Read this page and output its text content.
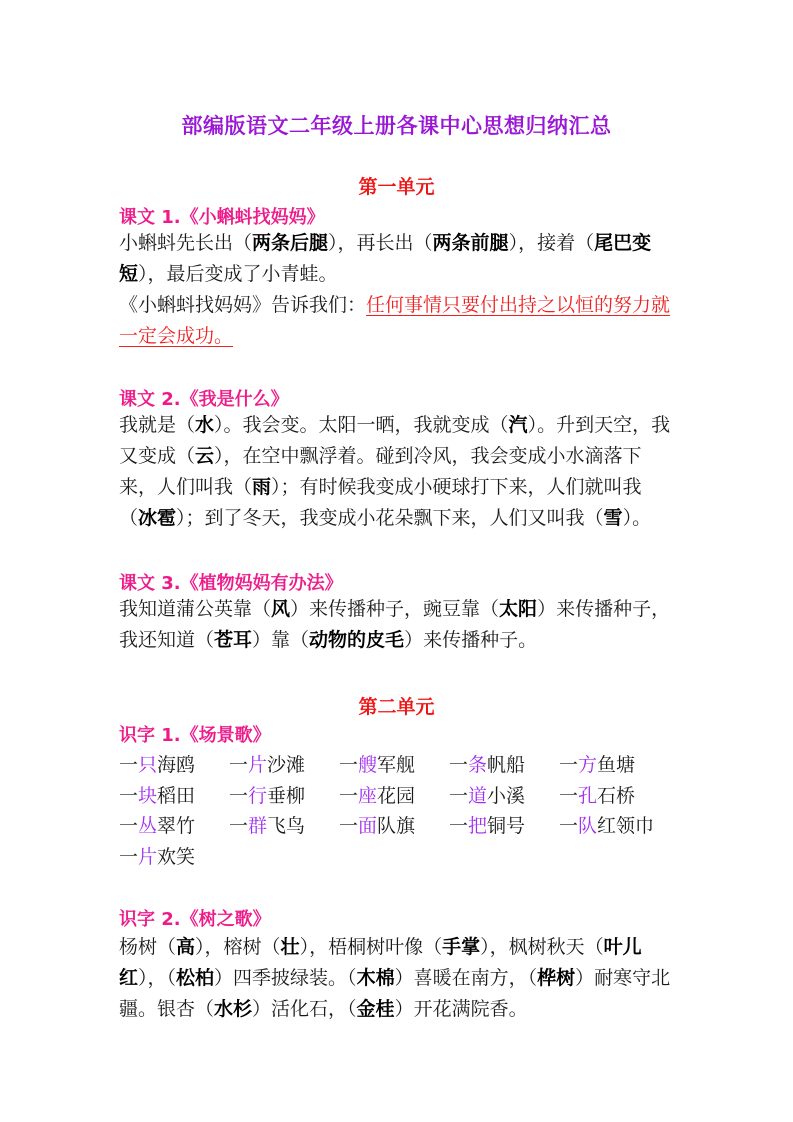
部编版语文二年级上册各课中心思想归纳汇总
第一单元
课文 1.《小蝌蚪找妈妈》

小蝌蚪先长出（两条后腿），再长出（两条前腿），接着（尾巴变短），最后变成了小青蛙。

《小蝌蚪找妈妈》告诉我们：任何事情只要付出持之以恒的努力就一定会成功。

课文 2.《我是什么》

我就是（水）。我会变。太阳一晒，我就变成（汽）。升到天空，我又变成（云），在空中飘浮着。碰到冷风，我会变成小水滴落下来，人们叫我（雨）；有时候我变成小硬球打下来，人们就叫我（冰雹）；到了冬天，我变成小花朵飘下来，人们又叫我（雪）。

课文 3.《植物妈妈有办法》

我知道蒲公英靠（风）来传播种子，豌豆靠（太阳）来传播种子，我还知道（苍耳）靠（动物的皮毛）来传播种子。

第二单元
识字 1.《场景歌》
一只海鸥 一片沙滩 一艘军舰 一条帆船 一方鱼塘
一块稻田 一行垂柳 一座花园 一道小溪 一孔石桥
一丛翠竹 一群飞鸟 一面队旗 一把铜号 一队红领巾
一片欢笑
识字 2.《树之歌》

杨树（高），榕树（壮），梧桐树叶像（手掌），枫树秋天（叶儿红），（松柏）四季披绿装。（木棉）喜暖在南方，（桦树）耐寒守北疆。银杏（水杉）活化石，（金桂）开花满院香。
